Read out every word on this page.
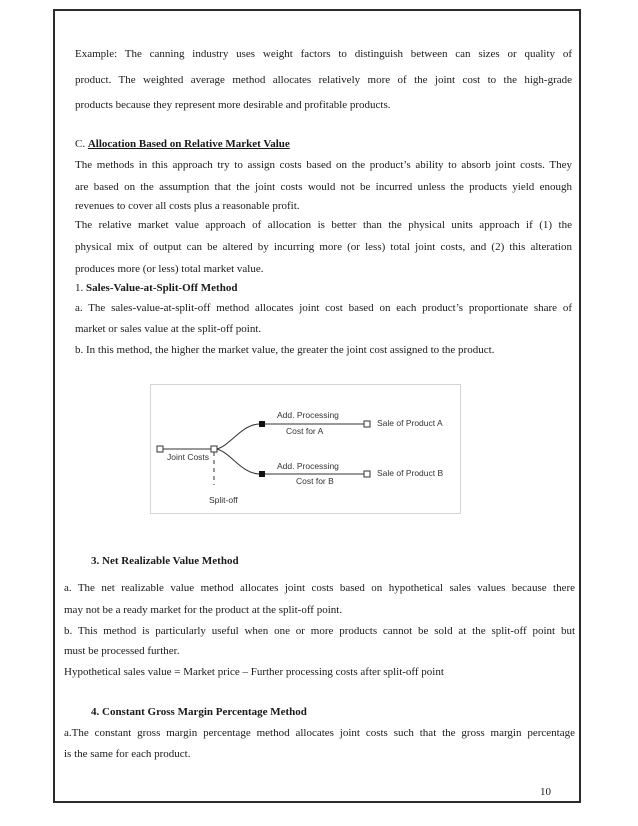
Example: The canning industry uses weight factors to distinguish between can sizes or quality of
product. The weighted average method allocates relatively more of the joint cost to the high-grade
products because they represent more desirable and profitable products.
C. Allocation Based on Relative Market Value
The methods in this approach try to assign costs based on the product’s ability to absorb joint costs. They
are based on the assumption that the joint costs would not be incurred unless the products yield enough
revenues to cover all costs plus a reasonable profit.
The relative market value approach of allocation is better than the physical units approach if (1) the
physical mix of output can be altered by incurring more (or less) total joint costs, and (2) this alteration
produces more (or less) total market value.
1. Sales-Value-at-Split-Off Method
a. The sales-value-at-split-off method allocates joint cost based on each product’s proportionate share of
market or sales value at the split-off point.
b. In this method, the higher the market value, the greater the joint cost assigned to the product.
Joint Costs
Split-off
Add. Processing
Cost for A
Add. Processing
Cost for B
Sale of Product A
Sale of Product B
3. Net Realizable Value Method
a. The net realizable value method allocates joint costs based on hypothetical sales values because there
may not be a ready market for the product at the split-off point.
b. This method is particularly useful when one or more products cannot be sold at the split-off point but
must be processed further.
Hypothetical sales value = Market price – Further processing costs after split-off point
4. Constant Gross Margin Percentage Method
a.The constant gross margin percentage method allocates joint costs such that the gross margin percentage
is the same for each product.
10
